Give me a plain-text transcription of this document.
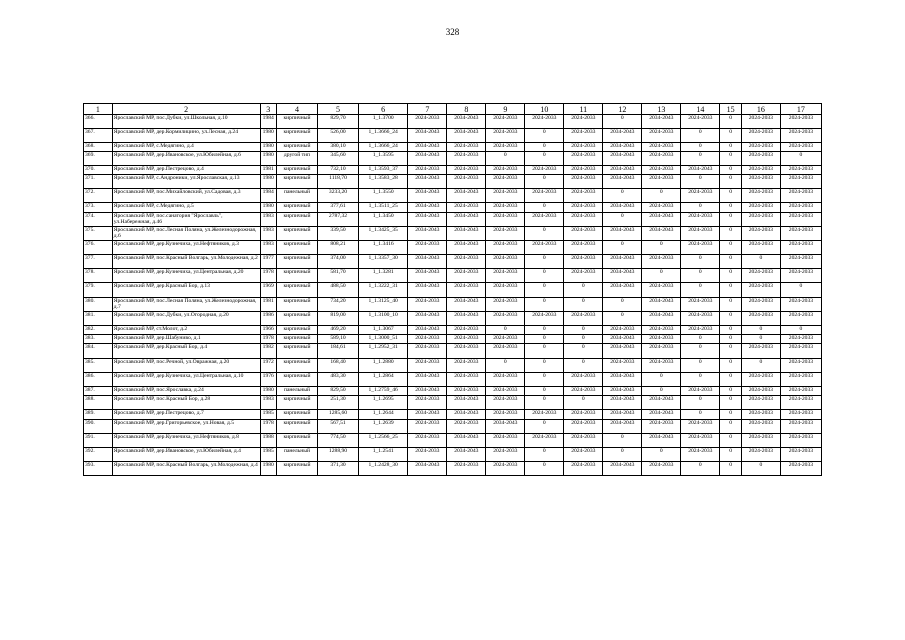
328
1	2	3	4	5	6	7	8	9	10	11	12	13	14	15	16	17
366.	Ярославский МР, пос.Дубки, ул.Школьная, д.10	1984	кирпичный	829,70	1_1.3700	2024-2033	2034-2043	2024-2033	2024-2033	2024-2033	0	2034-2043	2024-2033	0	2024-2033	2024-2033
367.	Ярославский МР, дер.Кормилицино, ул.Лесная, д.24	1980	кирпичный	526,00	1_1.3666_24	2034-2043	2034-2043	2024-2033	0	2024-2033	2034-2043	2024-2033	0	0	2024-2033	2024-2033
368.	Ярославский МР, с.Медягино, д.4	1980	кирпичный	380,10	1_1.3666_24	2034-2043	2024-2033	2024-2033	0	2024-2033	2034-2043	2024-2033	0	0	2024-2033	2024-2033
369.	Ярославский МР, дер.Ивановское, ул.Юбилейная, д.6	1980	другой тип	345,60	1_1.3595	2034-2043	2024-2033	0	0	2024-2033	2034-2043	2024-2033	0	0	2024-2033	0
370.	Ярославский МР, дер.Пестрецово, д.4	1981	кирпичный	732,10	1_1.3593_37	2024-2033	2024-2033	2024-2033	2024-2033	2024-2033	2034-2043	2024-2033	2034-2043	0	2024-2033	2024-2033
371.	Ярославский МР, с.Андроники, ул.Ярославская, д.13	1980	кирпичный	1118,70	1_1.3583_28	2034-2043	2024-2033	2024-2033	0	2024-2033	2034-2043	2024-2033	0	0	2024-2033	2024-2033
372.	Ярославский МР, пос.Михайловский, ул.Садовая, д.3	1984	панельный	3233,20	1_1.3550	2034-2043	2034-2043	2024-2033	2024-2033	2024-2033	0	0	2024-2033	0	2024-2033	2024-2033
373.	Ярославский МР, с.Медягино, д.5	1980	кирпичный	377,61	1_1.3511_25	2034-2043	2024-2033	2024-2033	0	2024-2033	2034-2043	2024-2033	0	0	2024-2033	2024-2033
374.	Ярославский МР, пос.санатория "Ярославль", ул.Набережная, д.46	1983	кирпичный	2787,32	1_1.3450	2034-2043	2034-2043	2024-2033	2024-2033	2024-2033	0	2034-2043	2024-2033	0	2024-2033	2024-2033
375.	Ярославский МР, пос.Лесная Поляна, ул.Железнодорожная, д.6	1983	кирпичный	339,50	1_1.3425_35	2034-2043	2034-2043	2024-2033	0	2024-2033	2034-2043	2034-2043	2024-2033	0	2024-2033	2024-2033
376.	Ярославский МР, дер.Кузнечиха, ул.Нефтяников, д.3	1983	кирпичный	808,21	1_1.3416	2024-2033	2034-2043	2024-2033	2024-2033	2024-2033	0	0	2024-2033	0	2024-2033	2024-2033
377.	Ярославский МР, пос.Красный Волгарь, ул.Молодежная, д.2	1977	кирпичный	374,00	1_1.3357_30	2034-2043	2024-2033	2024-2033	0	2024-2033	2034-2043	2024-2033	0	0	0	2024-2033
378.	Ярославский МР, дер.Кузнечиха, ул.Центральная, д.20	1978	кирпичный	581,70	1_1.3281	2034-2043	2024-2033	2024-2033	0	2024-2033	2034-2043	0	0	0	2024-2033	2024-2033
379.	Ярославский МР, дер.Красный Бор, д.13	1969	кирпичный	488,50	1_1.3222_31	2034-2043	2024-2033	2024-2033	0	0	2034-2043	2024-2033	0	0	2024-2033	0
380.	Ярославский МР, пос.Лесная Поляна, ул.Железнодорожная, д.7	1981	кирпичный	734,20	1_1.3125_40	2024-2033	2034-2043	2024-2033	0	0	0	2034-2043	2024-2033	0	2024-2033	2024-2033
381.	Ярославский МР, пос.Дубки, ул.Огородная, д.20	1986	кирпичный	819,00	1_1.3100_10	2034-2043	2034-2043	2024-2033	2024-2033	2024-2033	0	2034-2043	2024-2033	0	2024-2033	2024-2033
382.	Ярославский МР, ст.Молот, д.2	1966	кирпичный	469,20	1_1.3067	2034-2043	2024-2033	0	0	0	2024-2033	2024-2033	2024-2033	0	0	0
383.	Ярославский МР, дер.Шабуниво, д.1	1978	кирпичный	589,10	1_1.3000_51	2024-2033	2024-2033	2024-2033	0	0	2034-2043	2024-2033	0	0	0	2024-2033
384.	Ярославский МР, дер.Красный Бор, д.4	1982	кирпичный	184,61	1_1.2952_31	2024-2033	2024-2033	2024-2033	0	0	2034-2043	2024-2033	0	0	2024-2033	2024-2033
385.	Ярославский МР, пос.Речной, ул.Овражная, д.20	1972	кирпичный	168,40	1_1.2880	2024-2033	2024-2033	0	0	0	2024-2033	2024-2033	0	0	0	2024-2033
386.	Ярославский МР, дер.Кузнечиха, ул.Центральная, д.10	1976	кирпичный	483,30	1_1.2864	2034-2043	2024-2033	2024-2033	0	2024-2033	2034-2043	0	0	0	2024-2033	2024-2033
387.	Ярославский МР, пос.Ярославка, д.24	1980	панельный	829,50	1_1.2759_46	2034-2043	2024-2033	2024-2033	0	2024-2033	2034-2043	0	2024-2033	0	2024-2033	2024-2033
388.	Ярославский МР, пос.Красный Бор, д.28	1983	кирпичный	251,30	1_1.2695	2024-2033	2034-2043	2024-2033	0	0	2034-2043	2034-2043	0	0	2024-2033	2024-2033
389.	Ярославский МР, дер.Пестрецово, д.7	1985	кирпичный	1285,60	1_1.2644	2034-2043	2034-2043	2024-2033	2024-2033	2024-2033	2034-2043	2034-2043	0	0	2024-2033	2024-2033
390.	Ярославский МР, дер.Григорьевское, ул.Новая, д.5	1978	кирпичный	567,51	1_1.2639	2024-2033	2024-2033	2034-2043	0	2024-2033	2034-2043	2024-2033	2024-2033	0	2024-2033	2024-2033
391.	Ярославский МР, дер.Кузнечиха, ул.Нефтяников, д.8	1988	кирпичный	774,50	1_1.2566_25	2024-2033	2034-2043	2024-2033	2024-2033	2024-2033	0	2034-2043	2024-2033	0	2024-2033	2024-2033
392.	Ярославский МР, дер.Ивановское, ул.Юбилейная, д.4	1985	панельный	1288,90	1_1.2541	2024-2033	2034-2043	2024-2033	0	2024-2033	0	0	2024-2033	0	2024-2033	2024-2033
393.	Ярославский МР, пос.Красный Волгарь, ул.Молодежная, д.4	1980	кирпичный	371,30	1_1.2428_30	2034-2043	2024-2033	2024-2033	0	2024-2033	2034-2043	2024-2033	0	0	0	2024-2033
